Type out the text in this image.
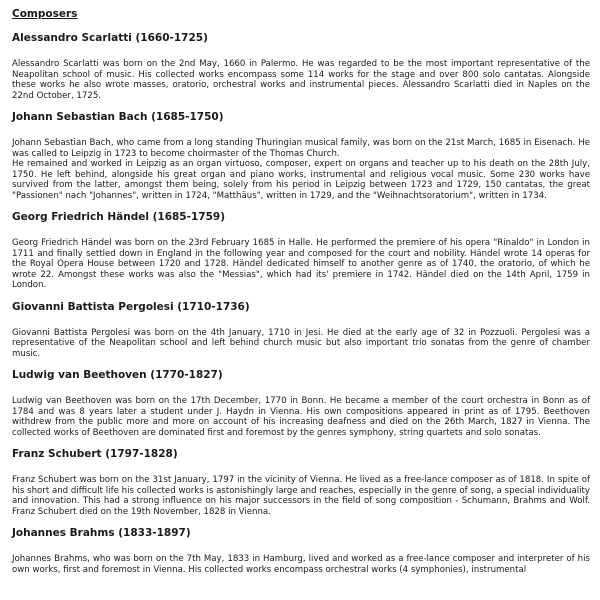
Composers
Alessandro Scarlatti (1660-1725)

Alessandro Scarlatti was born on the 2nd May, 1660 in Palermo. He was regarded to be the most important representative of the Neapolitan school of music. His collected works encompass some 114 works for the stage and over 800 solo cantatas. Alongside these works he also wrote masses, oratorio, orchestral works and instrumental pieces. Alessandro Scarlatti died in Naples on the 22nd October, 1725.

Johann Sebastian Bach (1685-1750)

Johann Sebastian Bach, who came from a long standing Thuringian musical family, was born on the 21st March, 1685 in Eisenach. He was called to Leipzig in 1723 to become choirmaster of the Thomas Church.

He remained and worked in Leipzig as an organ virtuoso, composer, expert on organs and teacher up to his death on the 28th July, 1750. He left behind, alongside his great organ and piano works, instrumental and religious vocal music. Some 230 works have survived from the latter, amongst them being, solely from his period in Leipzig between 1723 and 1729, 150 cantatas, the great "Passionen" nach "Johannes", written in 1724, "Matthäus", written in 1729, and the "Weihnachtsoratorium", written in 1734.

Georg Friedrich Händel (1685-1759)

Georg Friedrich Händel was born on the 23rd February 1685 in Halle. He performed the premiere of his opera "Rinaldo" in London in 1711 and finally settled down in England in the following year and composed for the court and nobility. Händel wrote 14 operas for the Royal Opera House between 1720 and 1728. Händel dedicated himself to another genre as of 1740, the oratorio, of which he wrote 22. Amongst these works was also the "Messias", which had its' premiere in 1742. Händel died on the 14th April, 1759 in London.

Giovanni Battista Pergolesi (1710-1736)

Giovanni Battista Pergolesi was born on the 4th January, 1710 in Jesi. He died at the early age of 32 in Pozzuoli. Pergolesi was a representative of the Neapolitan school and left behind church music but also important trio sonatas from the genre of chamber music.

Ludwig van Beethoven (1770-1827)

Ludwig van Beethoven was born on the 17th December, 1770 in Bonn. He became a member of the court orchestra in Bonn as of 1784 and was 8 years later a student under J. Haydn in Vienna. His own compositions appeared in print as of 1795. Beethoven withdrew from the public more and more on account of his increasing deafness and died on the 26th March, 1827 in Vienna. The collected works of Beethoven are dominated first and foremost by the genres symphony, string quartets and solo sonatas.

Franz Schubert (1797-1828)

Franz Schubert was born on the 31st January, 1797 in the vicinity of Vienna. He lived as a free-lance composer as of 1818. In spite of his short and difficult life his collected works is astonishingly large and reaches, especially in the genre of song, a special individuality and innovation. This had a strong influence on his major successors in the field of song composition - Schumann, Brahms and Wolf. Franz Schubert died on the 19th November, 1828 in Vienna.

Johannes Brahms (1833-1897)

Johannes Brahms, who was born on the 7th May, 1833 in Hamburg, lived and worked as a free-lance composer and interpreter of his own works, first and foremost in Vienna. His collected works encompass orchestral works (4 symphonies), instrumental
